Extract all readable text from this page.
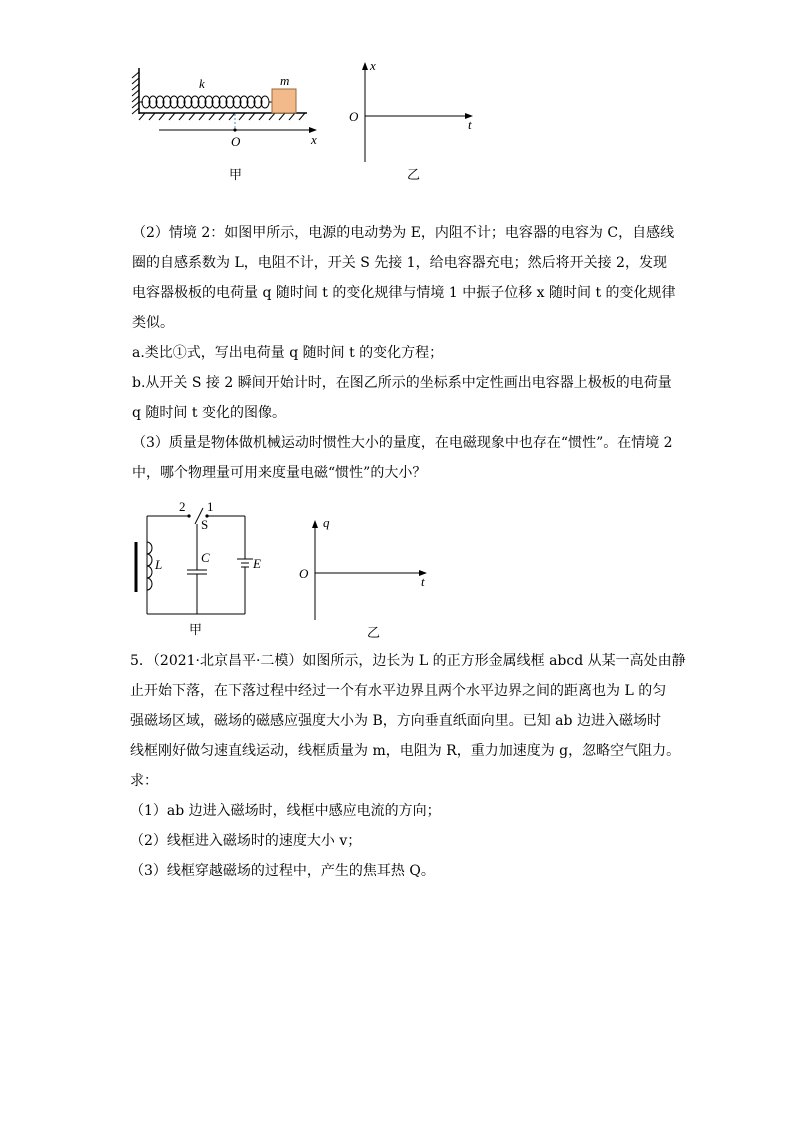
k	m
O	x
甲
x
O
t
乙
（2）情境 2：如图甲所示，电源的电动势为 E，内阻不计；电容器的电容为 C，自感线
圈的自感系数为 L，电阻不计，开关 S 先接 1，给电容器充电；然后将开关接 2，发现
电容器极板的电荷量 q 随时间 t 的变化规律与情境 1 中振子位移 x 随时间 t 的变化规律
类似。
a.类比①式，写出电荷量 q 随时间 t 的变化方程；
b.从开关 S 接 2 瞬间开始计时，在图乙所示的坐标系中定性画出电容器上极板的电荷量
q 随时间 t 变化的图像。
（3）质量是物体做机械运动时惯性大小的量度，在电磁现象中也存在“惯性”。在情境 2
中，哪个物理量可用来度量电磁“惯性”的大小？
2 1
S
C
L	E
甲
q
O
t
乙
5．（2021·北京昌平·二模）如图所示，边长为 L 的正方形金属线框 abcd 从某一高处由静
止开始下落，在下落过程中经过一个有水平边界且两个水平边界之间的距离也为 L 的匀
强磁场区域，磁场的磁感应强度大小为 B，方向垂直纸面向里。已知 ab 边进入磁场时
线框刚好做匀速直线运动，线框质量为 m，电阻为 R，重力加速度为 g，忽略空气阻力。
求：
（1）ab 边进入磁场时，线框中感应电流的方向；
（2）线框进入磁场时的速度大小 v；
（3）线框穿越磁场的过程中，产生的焦耳热 Q。
